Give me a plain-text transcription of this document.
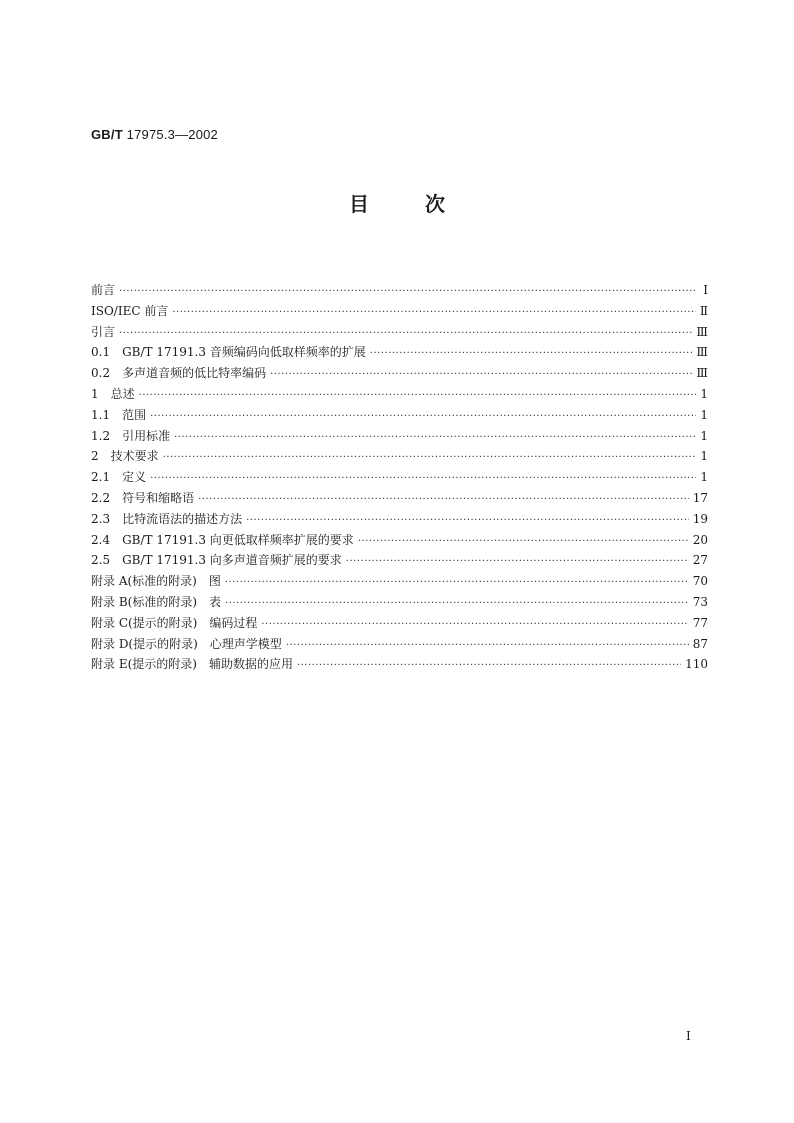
GB/T 17975.3—2002
目	次
前言 ·····	I
ISO/IEC 前言 ·····	Ⅱ
引言 ·····	Ⅲ
0.1　GB/T 17191.3 音频编码向低取样频率的扩展 ·····	Ⅲ
0.2　多声道音频的低比特率编码 ·····	Ⅲ
1　总述 ·····	1
1.1　范围 ·····	1
1.2　引用标准 ·····	1
2　技术要求 ·····	1
2.1　定义 ·····	1
2.2　符号和缩略语 ·····	17
2.3　比特流语法的描述方法 ·····	19
2.4　GB/T 17191.3 向更低取样频率扩展的要求 ·····	20
2.5　GB/T 17191.3 向多声道音频扩展的要求 ·····	27
附录 A(标准的附录)　图 ·····	70
附录 B(标准的附录)　表 ·····	73
附录 C(提示的附录)　编码过程 ·····	77
附录 D(提示的附录)　心理声学模型 ·····	87
附录 E(提示的附录)　辅助数据的应用 ·····	110
I
